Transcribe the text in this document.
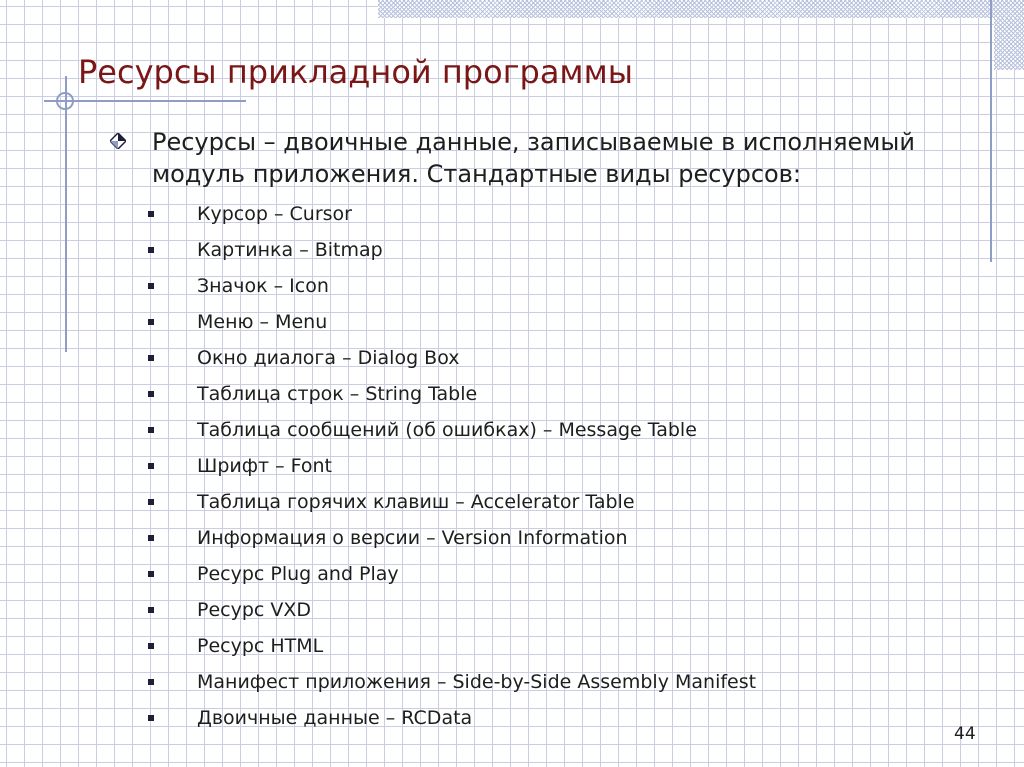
Ресурсы прикладной программы

Ресурсы – двоичные данные, записываемые в исполняемый модуль приложения. Стандартные виды ресурсов:

Курсор – Cursor
Картинка – Bitmap
Значок – Icon
Меню – Menu
Окно диалога – Dialog Box
Таблица строк – String Table
Таблица сообщений (об ошибках) – Message Table
Шрифт – Font
Таблица горячих клавиш – Accelerator Table
Информация о версии – Version Information
Ресурс Plug and Play
Ресурс VXD
Ресурс HTML
Манифест приложения – Side-by-Side Assembly Manifest
Двоичные данные – RCData
44
